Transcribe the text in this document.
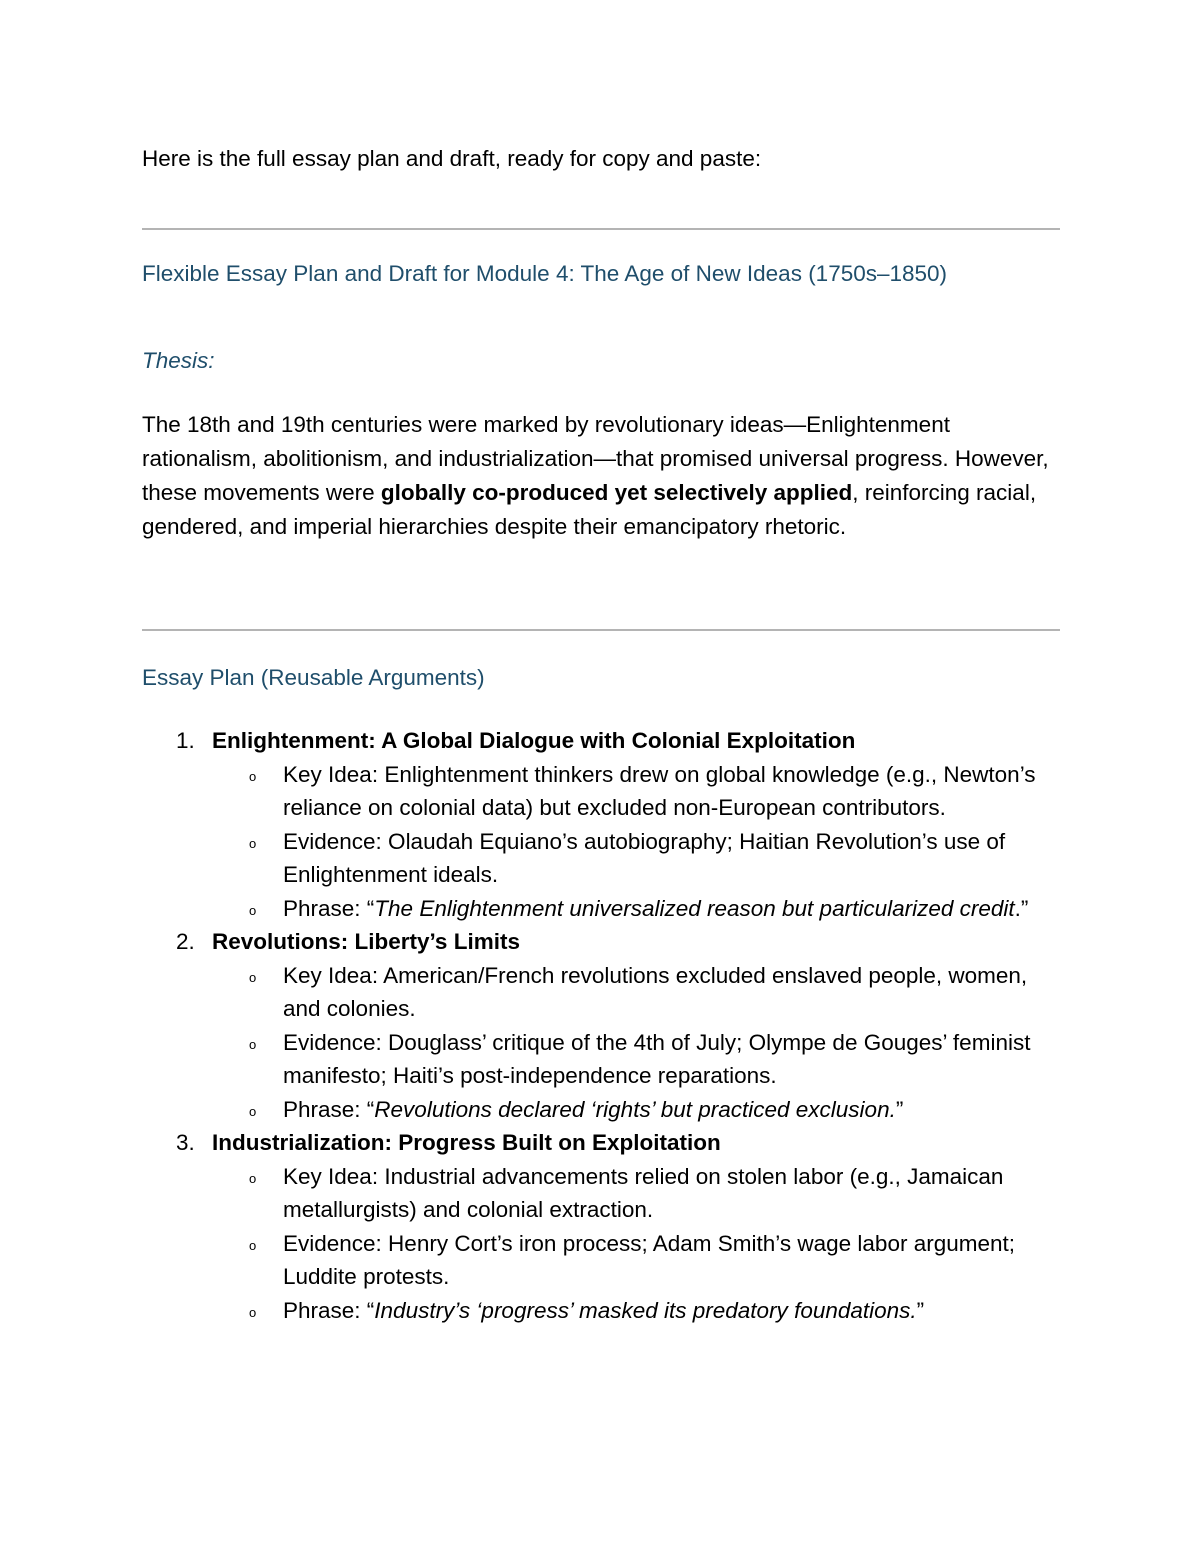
Here is the full essay plan and draft, ready for copy and paste:

Flexible Essay Plan and Draft for Module 4: The Age of New Ideas (1750s–1850)
Thesis:

The 18th and 19th centuries were marked by revolutionary ideas—Enlightenment rationalism, abolitionism, and industrialization—that promised universal progress. However, these movements were globally co-produced yet selectively applied, reinforcing racial, gendered, and imperial hierarchies despite their emancipatory rhetoric.

Essay Plan (Reusable Arguments)
1. Enlightenment: A Global Dialogue with Colonial Exploitation
o Key Idea: Enlightenment thinkers drew on global knowledge (e.g., Newton’s reliance on colonial data) but excluded non-European contributors.
o Evidence: Olaudah Equiano’s autobiography; Haitian Revolution’s use of Enlightenment ideals.
o Phrase: “The Enlightenment universalized reason but particularized credit.”
2. Revolutions: Liberty’s Limits
o Key Idea: American/French revolutions excluded enslaved people, women, and colonies.
o Evidence: Douglass’ critique of the 4th of July; Olympe de Gouges’ feminist manifesto; Haiti’s post-independence reparations.
o Phrase: “Revolutions declared ‘rights’ but practiced exclusion.”
3. Industrialization: Progress Built on Exploitation
o Key Idea: Industrial advancements relied on stolen labor (e.g., Jamaican metallurgists) and colonial extraction.
o Evidence: Henry Cort’s iron process; Adam Smith’s wage labor argument; Luddite protests.
o Phrase: “Industry’s ‘progress’ masked its predatory foundations.”
